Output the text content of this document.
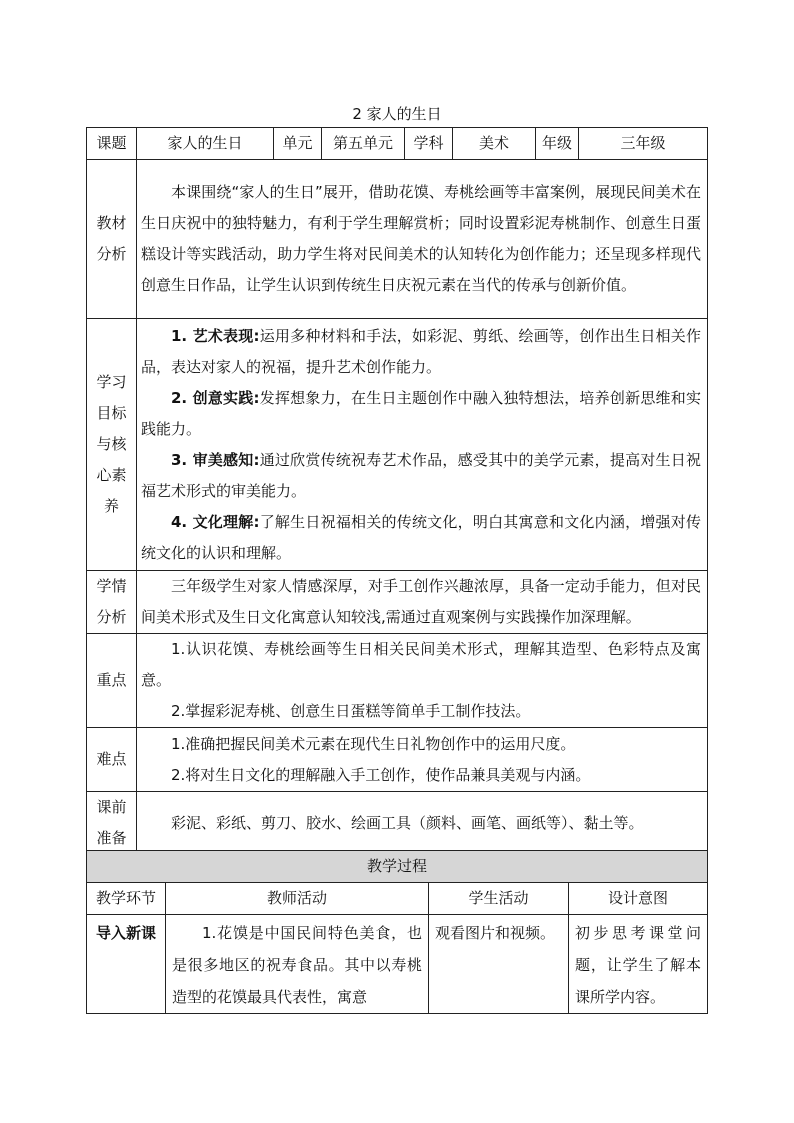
2 家人的生日
课题	家人的生日	单元	第五单元	学科	美术	年级	三年级
教材分析	本课围绕“家人的生日”展开，借助花馍、寿桃绘画等丰富案例，展现民间美术在生日庆祝中的独特魅力，有利于学生理解赏析；同时设置彩泥寿桃制作、创意生日蛋糕设计等实践活动，助力学生将对民间美术的认知转化为创作能力；还呈现多样现代创意生日作品，让学生认识到传统生日庆祝元素在当代的传承与创新价值。						

学习目标与核心素养	1. 艺术表现:运用多种材料和手法，如彩泥、剪纸、绘画等，创作出生日相关作品，表达对家人的祝福，提升艺术创作能力。

2. 创意实践:发挥想象力，在生日主题创作中融入独特想法，培养创新思维和实践能力。

3. 审美感知:通过欣赏传统祝寿艺术作品，感受其中的美学元素，提高对生日祝福艺术形式的审美能力。

4. 文化理解:了解生日祝福相关的传统文化，明白其寓意和文化内涵，增强对传统文化的认识和理解。						

学情分析	三年级学生对家人情感深厚，对手工创作兴趣浓厚，具备一定动手能力，但对民间美术形式及生日文化寓意认知较浅,需通过直观案例与实践操作加深理解。						

重点	1.认识花馍、寿桃绘画等生日相关民间美术形式，理解其造型、色彩特点及寓意。

2.掌握彩泥寿桃、创意生日蛋糕等简单手工制作技法。						

难点	1.准确把握民间美术元素在现代生日礼物创作中的运用尺度。

2.将对生日文化的理解融入手工创作，使作品兼具美观与内涵。						

课前准备	彩泥、彩纸、剪刀、胶水、绘画工具（颜料、画笔、画纸等）、黏土等。						

教学过程			
教学环节	教师活动	学生活动	设计意图
导入新课	1.花馍是中国民间特色美食，也是很多地区的祝寿食品。其中以寿桃造型的花馍最具代表性，寓意	观看图片和视频。	初步思考课堂问题，让学生了解本课所学内容。
